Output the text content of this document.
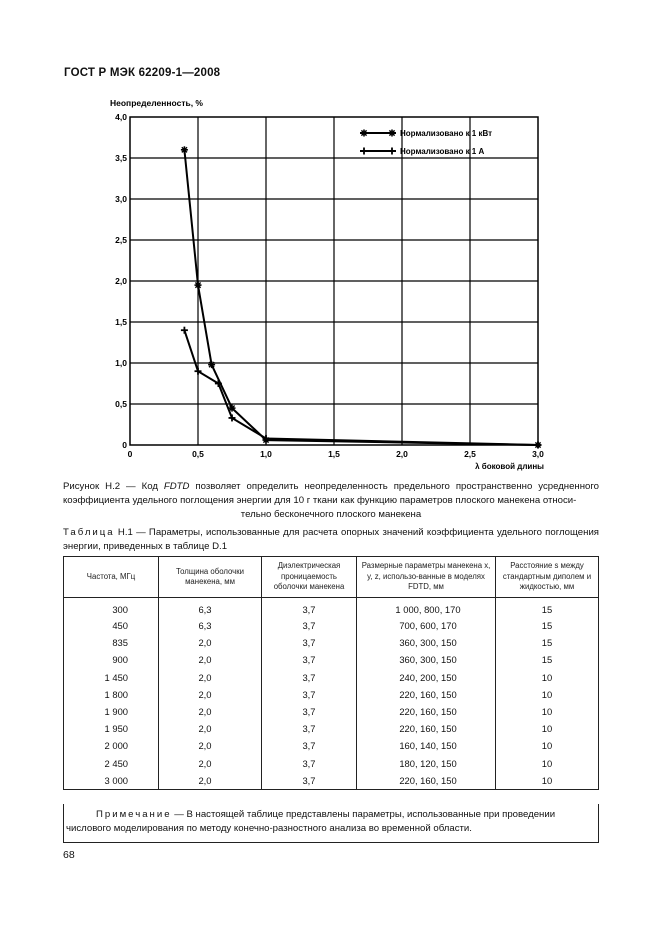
ГОСТ Р МЭК 62209-1—2008
0	0,5	1,0	1,5	2,0	2,5	3,0
0
0,5
1,0
1,5
2,0
2,5
3,0
3,5
4,0
Неопределенность, %
λ боковой длины
Нормализовано к 1 кВт
Нормализовано к 1 А
Рисунок Н.2 — Код FDTD позволяет определить неопределенность предельного пространственно усредненного коэффициента удельного поглощения энергии для 10 г ткани как функцию параметров плоского манекена относи-
тельно бесконечного плоского манекена
Таблица Н.1 — Параметры, использованные для расчета опорных значений коэффициента удельного поглощения энергии, приведенных в таблице D.1
Частота, МГц	Толщина оболочки манекена, мм	Диэлектрическая проницаемость оболочки манекена	Размерные параметры манекена x, y, z, использо-ванные в моделях FDTD, мм	Расстояние s между стандартным диполем и жидкостью, мм
300	6,3	3,7	1 000, 800, 170	15
450	6,3	3,7	700, 600, 170	15
835	2,0	3,7	360, 300, 150	15
900	2,0	3,7	360, 300, 150	15
1 450	2,0	3,7	240, 200, 150	10
1 800	2,0	3,7	220, 160, 150	10
1 900	2,0	3,7	220, 160, 150	10
1 950	2,0	3,7	220, 160, 150	10
2 000	2,0	3,7	160, 140, 150	10
2 450	2,0	3,7	180, 120, 150	10
3 000	2,0	3,7	220, 160, 150	10
Примечание — В настоящей таблице представлены параметры, использованные при проведении
числового моделирования по методу конечно-разностного анализа во временной области.
68
